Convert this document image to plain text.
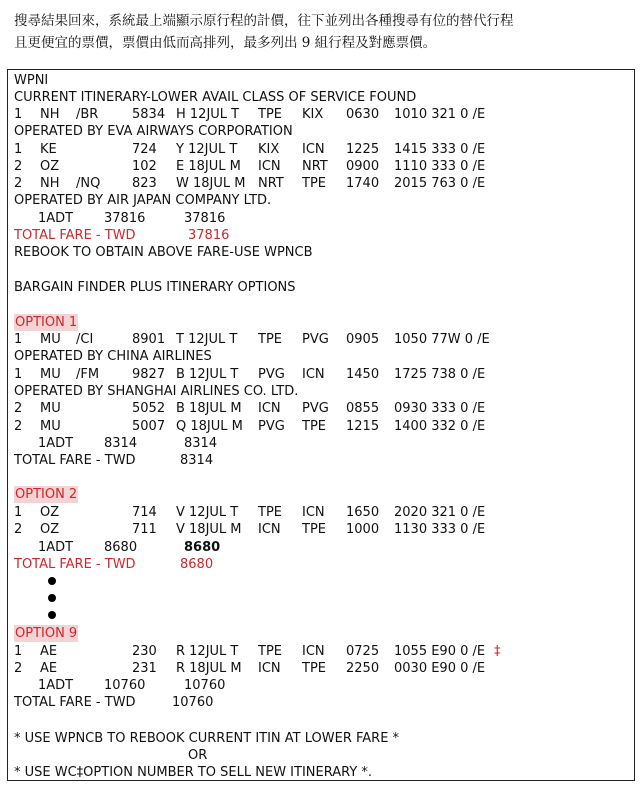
搜尋結果回來，系統最上端顯示原行程的計價，往下並列出各種搜尋有位的替代行程
且更便宜的票價，票價由低而高排列，最多列出 9 組行程及對應票價。
WPNI
CURRENT ITINERARY-LOWER AVAIL CLASS OF SERVICE FOUND
1 NH /BR	5834 H 12JUL T TPE KIX 0630 1010 321 0 /E
OPERATED BY EVA AIRWAYS CORPORATION
1 KE	724 Y 12JUL T KIX ICN 1225 1415 333 0 /E
2 OZ	102 E 18JUL M ICN NRT 0900 1110 333 0 /E
2 NH /NQ 823 W 18JUL M NRT TPE 1740 2015 763 0 /E
OPERATED BY AIR JAPAN COMPANY LTD.
1ADT 37816	37816
TOTAL FARE - TWD	37816
REBOOK TO OBTAIN ABOVE FARE-USE WPNCB
BARGAIN FINDER PLUS ITINERARY OPTIONS
OPTION 1
1 MU /CI	8901 T 12JUL T TPE PVG 0905 1050 77W 0 /E
OPERATED BY CHINA AIRLINES
1 MU /FM	9827 B 12JUL T PVG ICN 1450 1725 738 0 /E
OPERATED BY SHANGHAI AIRLINES CO. LTD.
2 MU	5052 B 18JUL M ICN PVG 0855 0930 333 0 /E
2 MU	5007 Q 18JUL M PVG TPE 1215 1400 332 0 /E
1ADT 8314	8314
TOTAL FARE - TWD	8314
OPTION 2
1 OZ	714 V 12JUL T TPE ICN 1650 2020 321 0 /E
2 OZ	711 V 18JUL M ICN TPE 1000 1130 333 0 /E
1ADT 8680	8680
TOTAL FARE - TWD	8680
OPTION 9
1 AE	230 R 12JUL T TPE ICN 0725 1055 E90 0 /E ‡
2 AE	231 R 18JUL M ICN TPE 2250 0030 E90 0 /E
1ADT 10760	10760
TOTAL FARE - TWD	10760
* USE WPNCB TO REBOOK CURRENT ITIN AT LOWER FARE *
OR
* USE WC‡OPTION NUMBER TO SELL NEW ITINERARY *.
